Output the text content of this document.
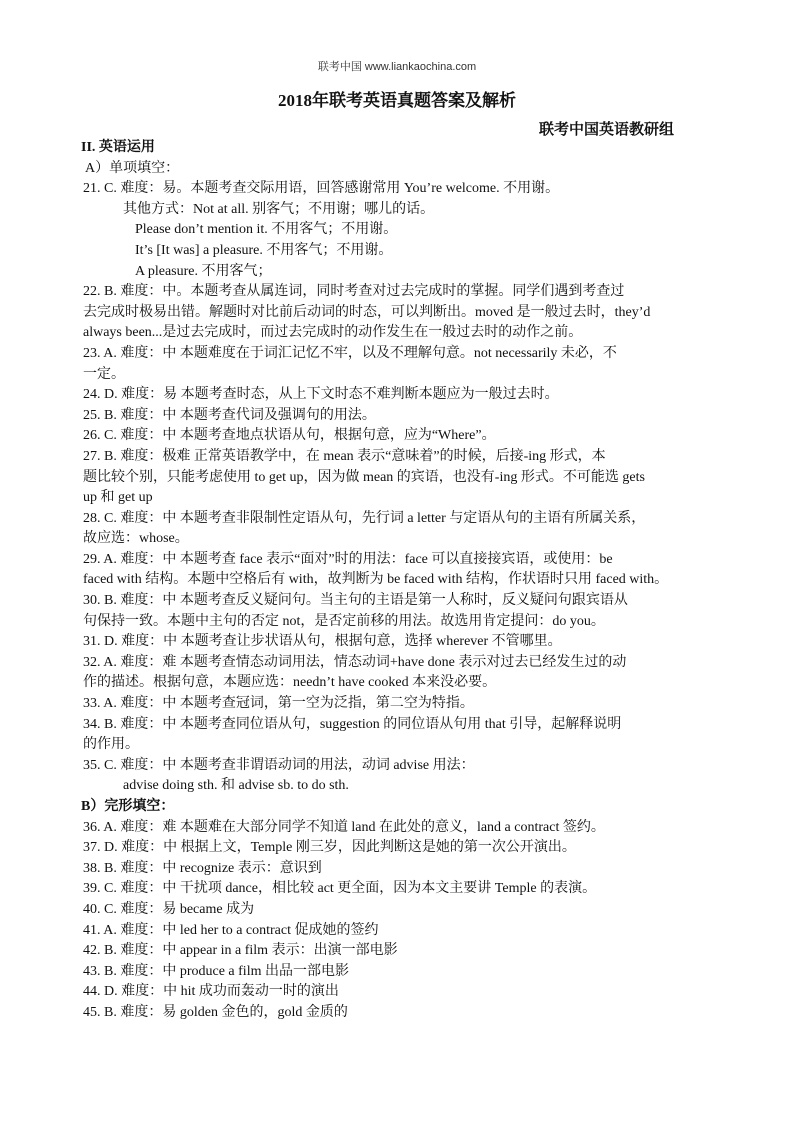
联考中国 www.liankaochina.com
2018年联考英语真题答案及解析
联考中国英语教研组
II. 英语运用
A）单项填空：
21. C. 难度：易。本题考查交际用语，回答感谢常用 You’re welcome. 不用谢。
其他方式：Not at all. 别客气；不用谢；哪儿的话。
Please don’t mention it. 不用客气；不用谢。
It’s [It was] a pleasure. 不用客气；不用谢。
A pleasure. 不用客气；
22. B. 难度：中。本题考查从属连词，同时考查对过去完成时的掌握。同学们遇到考查过
去完成时极易出错。解题时对比前后动词的时态，可以判断出。moved 是一般过去时，they’d
always been...是过去完成时，而过去完成时的动作发生在一般过去时的动作之前。
23. A. 难度：中 本题难度在于词汇记忆不牢，以及不理解句意。not necessarily 未必，不
一定。
24. D. 难度：易 本题考查时态，从上下文时态不难判断本题应为一般过去时。
25. B. 难度：中 本题考查代词及强调句的用法。
26. C. 难度：中 本题考查地点状语从句，根据句意，应为“Where”。
27. B. 难度：极难 正常英语教学中，在 mean 表示“意味着”的时候，后接-ing 形式，本
题比较个别，只能考虑使用 to get up，因为做 mean 的宾语，也没有-ing 形式。不可能选 gets
up 和 get up
28. C. 难度：中 本题考查非限制性定语从句，先行词 a letter 与定语从句的主语有所属关系，
故应选：whose。
29. A. 难度：中 本题考查 face 表示“面对”时的用法：face 可以直接接宾语，或使用：be
faced with 结构。本题中空格后有 with，故判断为 be faced with 结构，作状语时只用 faced with。
30. B. 难度：中 本题考查反义疑问句。当主句的主语是第一人称时，反义疑问句跟宾语从
句保持一致。本题中主句的否定 not，是否定前移的用法。故选用肯定提问：do you。
31. D. 难度：中 本题考查让步状语从句，根据句意，选择 wherever 不管哪里。
32. A. 难度：难 本题考查情态动词用法，情态动词+have done 表示对过去已经发生过的动
作的描述。根据句意，本题应选：needn’t have cooked 本来没必要。
33. A. 难度：中 本题考查冠词，第一空为泛指，第二空为特指。
34. B. 难度：中 本题考查同位语从句，suggestion 的同位语从句用 that 引导，起解释说明
的作用。
35. C. 难度：中 本题考查非谓语动词的用法，动词 advise 用法：
advise doing sth. 和 advise sb. to do sth.
B）完形填空：
36. A. 难度：难 本题难在大部分同学不知道 land 在此处的意义，land a contract 签约。
37. D. 难度：中 根据上文，Temple 刚三岁，因此判断这是她的第一次公开演出。
38. B. 难度：中 recognize 表示：意识到
39. C. 难度：中 干扰项 dance，相比较 act 更全面，因为本文主要讲 Temple 的表演。
40. C. 难度：易 became 成为
41. A. 难度：中 led her to a contract 促成她的签约
42. B. 难度：中 appear in a film 表示：出演一部电影
43. B. 难度：中 produce a film 出品一部电影
44. D. 难度：中 hit 成功而轰动一时的演出
45. B. 难度：易 golden 金色的，gold 金质的
